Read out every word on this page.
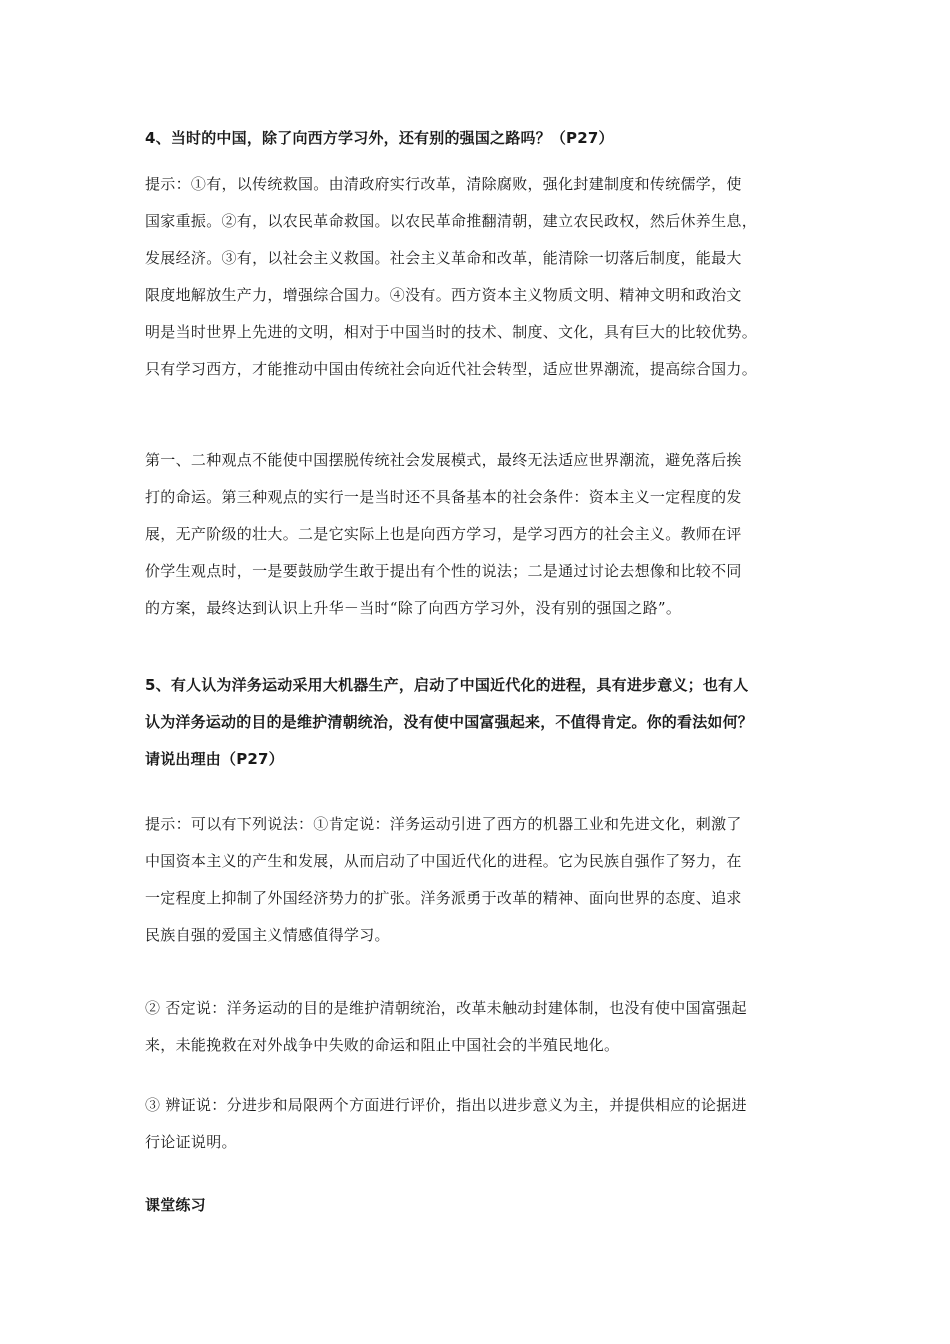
4、当时的中国，除了向西方学习外，还有别的强国之路吗？（P27）
提示：①有，以传统救国。由清政府实行改革，清除腐败，强化封建制度和传统儒学，使
国家重振。②有，以农民革命救国。以农民革命推翻清朝，建立农民政权，然后休养生息，
发展经济。③有，以社会主义救国。社会主义革命和改革，能清除一切落后制度，能最大
限度地解放生产力，增强综合国力。④没有。西方资本主义物质文明、精神文明和政治文
明是当时世界上先进的文明，相对于中国当时的技术、制度、文化，具有巨大的比较优势。
只有学习西方，才能推动中国由传统社会向近代社会转型，适应世界潮流，提高综合国力。
第一、二种观点不能使中国摆脱传统社会发展模式，最终无法适应世界潮流，避免落后挨
打的命运。第三种观点的实行一是当时还不具备基本的社会条件：资本主义一定程度的发
展，无产阶级的壮大。二是它实际上也是向西方学习，是学习西方的社会主义。教师在评
价学生观点时，一是要鼓励学生敢于提出有个性的说法；二是通过讨论去想像和比较不同
的方案，最终达到认识上升华－当时“除了向西方学习外，没有别的强国之路”。
5、有人认为洋务运动采用大机器生产，启动了中国近代化的进程，具有进步意义；也有人
认为洋务运动的目的是维护清朝统治，没有使中国富强起来，不值得肯定。你的看法如何？
请说出理由（P27）
提示：可以有下列说法：①肯定说：洋务运动引进了西方的机器工业和先进文化，刺激了
中国资本主义的产生和发展，从而启动了中国近代化的进程。它为民族自强作了努力，在
一定程度上抑制了外国经济势力的扩张。洋务派勇于改革的精神、面向世界的态度、追求
民族自强的爱国主义情感值得学习。
② 否定说：洋务运动的目的是维护清朝统治，改革未触动封建体制，也没有使中国富强起
来，未能挽救在对外战争中失败的命运和阻止中国社会的半殖民地化。
③ 辨证说：分进步和局限两个方面进行评价，指出以进步意义为主，并提供相应的论据进
行论证说明。
课堂练习
